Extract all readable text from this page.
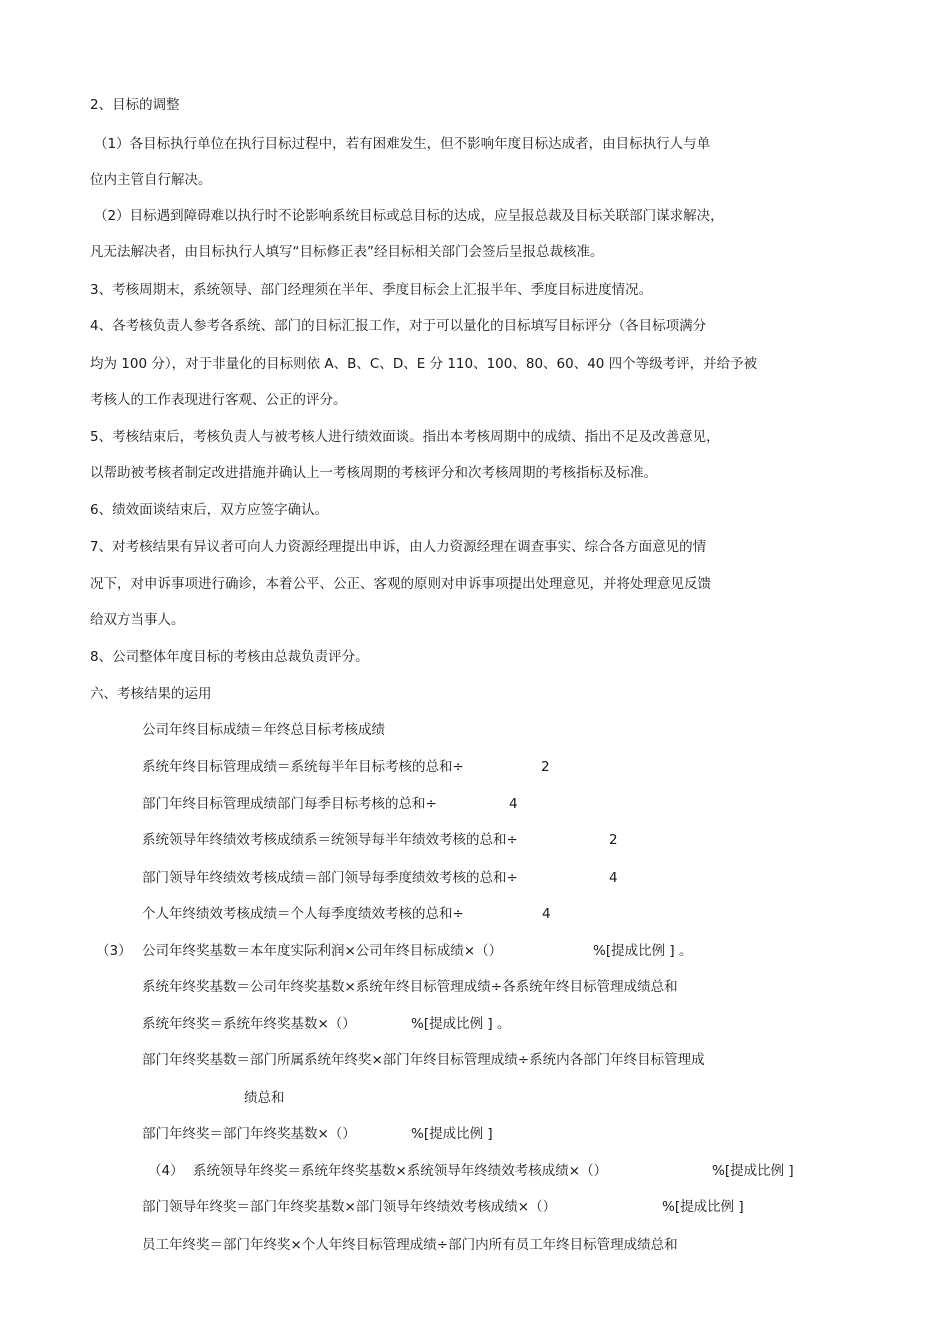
2、目标的调整
（1）各目标执行单位在执行目标过程中，若有困难发生，但不影响年度目标达成者，由目标执行人与单
位内主管自行解决。
（2）目标遇到障碍难以执行时不论影响系统目标或总目标的达成，应呈报总裁及目标关联部门谋求解决，
凡无法解决者，由目标执行人填写“目标修正表”经目标相关部门会签后呈报总裁核准。
3、考核周期末，系统领导、部门经理须在半年、季度目标会上汇报半年、季度目标进度情况。
4、各考核负责人参考各系统、部门的目标汇报工作，对于可以量化的目标填写目标评分（各目标项满分
均为 100 分），对于非量化的目标则依 A、B、C、D、E 分 110、100、80、60、40 四个等级考评，并给予被
考核人的工作表现进行客观、公正的评分。
5、考核结束后，考核负责人与被考核人进行绩效面谈。指出本考核周期中的成绩、指出不足及改善意见，
以帮助被考核者制定改进措施并确认上一考核周期的考核评分和次考核周期的考核指标及标准。
6、绩效面谈结束后，双方应签字确认。
7、对考核结果有异议者可向人力资源经理提出申诉，由人力资源经理在调查事实、综合各方面意见的情
况下，对申诉事项进行确诊，本着公平、公正、客观的原则对申诉事项提出处理意见，并将处理意见反馈
给双方当事人。
8、公司整体年度目标的考核由总裁负责评分。
六、考核结果的运用
公司年终目标成绩＝年终总目标考核成绩
系统年终目标管理成绩＝系统每半年目标考核的总和÷	2
部门年终目标管理成绩部门每季目标考核的总和÷	4
系统领导年终绩效考核成绩系＝统领导每半年绩效考核的总和÷	2
部门领导年终绩效考核成绩＝部门领导每季度绩效考核的总和÷	4
个人年终绩效考核成绩＝个人每季度绩效考核的总和÷	4
（3） 公司年终奖基数＝本年度实际利润×公司年终目标成绩×（）	%[提成比例 ] 。
系统年终奖基数＝公司年终奖基数×系统年终目标管理成绩÷各系统年终目标管理成绩总和
系统年终奖＝系统年终奖基数×（）	%[提成比例 ] 。
部门年终奖基数＝部门所属系统年终奖×部门年终目标管理成绩÷系统内各部门年终目标管理成
绩总和
部门年终奖＝部门年终奖基数×（）	%[提成比例 ]
（4） 系统领导年终奖＝系统年终奖基数×系统领导年终绩效考核成绩×（）	%[提成比例 ]
部门领导年终奖＝部门年终奖基数×部门领导年终绩效考核成绩×（）	%[提成比例 ]
员工年终奖＝部门年终奖×个人年终目标管理成绩÷部门内所有员工年终目标管理成绩总和
